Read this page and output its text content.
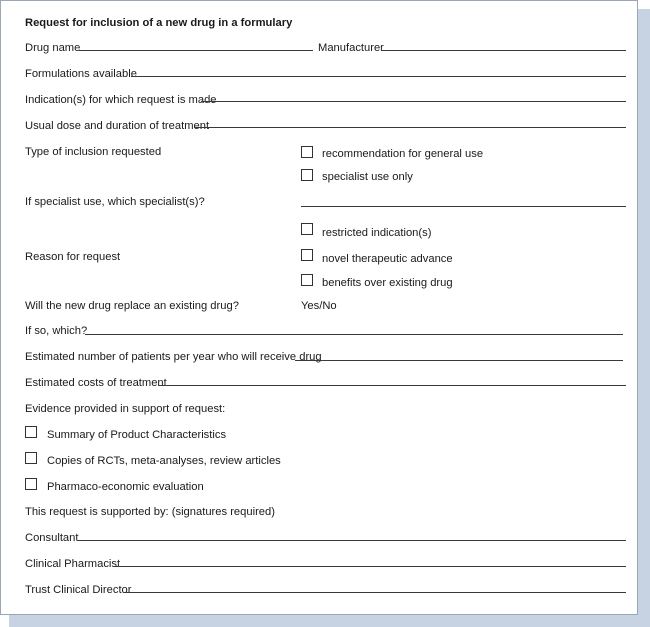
Request for inclusion of a new drug in a formulary
Drug name	Manufacturer
Formulations available
Indication(s) for which request is made
Usual dose and duration of treatment
Type of inclusion requested	recommendation for general use
specialist use only
If specialist use, which specialist(s)?
restricted indication(s)
Reason for request	novel therapeutic advance
benefits over existing drug
Will the new drug replace an existing drug?	Yes/No
If so, which?
Estimated number of patients per year who will receive drug
Estimated costs of treatment
Evidence provided in support of request:
Summary of Product Characteristics
Copies of RCTs, meta-analyses, review articles
Pharmaco-economic evaluation
This request is supported by: (signatures required)
Consultant
Clinical Pharmacist
Trust Clinical Director
